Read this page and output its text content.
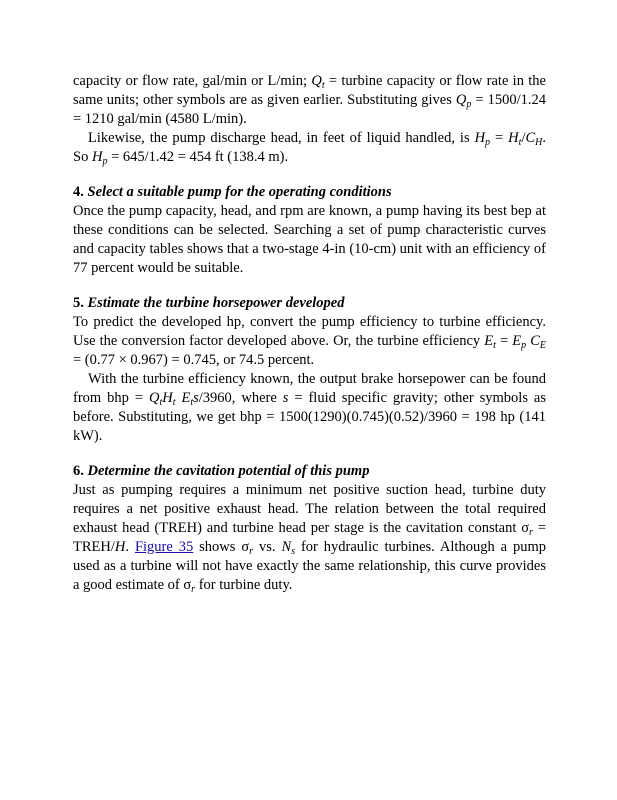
capacity or flow rate, gal/min or L/min; $Q_t$ = turbine capacity or flow rate in the same units; other symbols are as given earlier. Substituting gives $Q_p = 1500/1.24 = 1210$ gal/min (4580 L/min).

Likewise, the pump discharge head, in feet of liquid handled, is $H_p = H_t/C_H$. So $H_p = 645/1.42 = 454$ ft (138.4 m).

4. Select a suitable pump for the operating conditions

Once the pump capacity, head, and rpm are known, a pump having its best bep at these conditions can be selected. Searching a set of pump characteristic curves and capacity tables shows that a two-stage 4-in (10-cm) unit with an efficiency of 77 percent would be suitable.

5. Estimate the turbine horsepower developed

To predict the developed hp, convert the pump efficiency to turbine efficiency. Use the conversion factor developed above. Or, the turbine efficiency $E_t = E_p$ $C_E = (0.77 \times 0.967) = 0.745$, or 74.5 percent.

With the turbine efficiency known, the output brake horsepower can be found from bhp = $Q_tH_t$ $E_ts/3960$, where s = fluid specific gravity; other symbols as before. Substituting, we get bhp = 1500(1290)(0.745)(0.52)/3960 = 198 hp (141 kW).

6. Determine the cavitation potential of this pump

Just as pumping requires a minimum net positive suction head, turbine duty requires a net positive exhaust head. The relation between the total required exhaust head (TREH) and turbine head per stage is the cavitation constant $\sigma_r$ = TREH/H. Figure 35 shows $\sigma_r$ vs. $N_s$ for hydraulic turbines. Although a pump used as a turbine will not have exactly the same relationship, this curve provides a good estimate of $\sigma_r$ for turbine duty.
